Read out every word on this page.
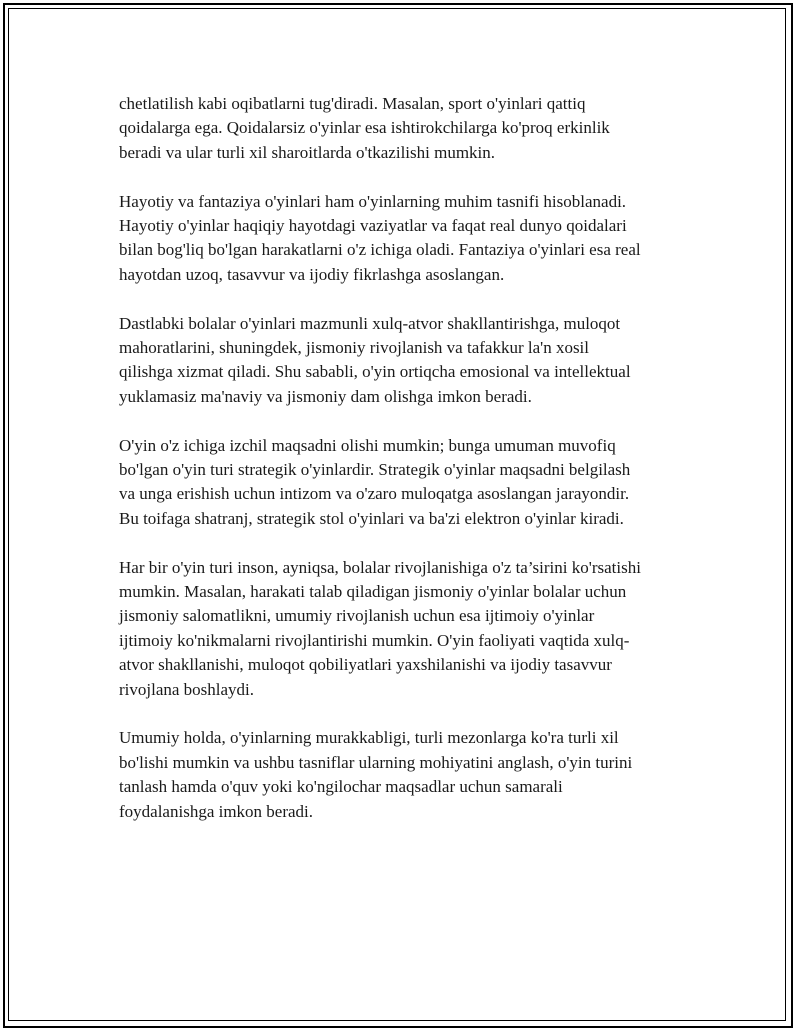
chetlatilish kabi oqibatlarni tug'diradi. Masalan, sport o'yinlari qattiq
qoidalarga ega. Qoidalarsiz o'yinlar esa ishtirokchilarga ko'proq erkinlik
beradi va ular turli xil sharoitlarda o'tkazilishi mumkin.

Hayotiy va fantaziya o'yinlari ham o'yinlarning muhim tasnifi hisoblanadi.
Hayotiy o'yinlar haqiqiy hayotdagi vaziyatlar va faqat real dunyo qoidalari
bilan bog'liq bo'lgan harakatlarni o'z ichiga oladi. Fantaziya o'yinlari esa real
hayotdan uzoq, tasavvur va ijodiy fikrlashga asoslangan.

Dastlabki bolalar o'yinlari mazmunli xulq-atvor shakllantirishga, muloqot
mahoratlarini, shuningdek, jismoniy rivojlanish va tafakkur la'n xosil
qilishga xizmat qiladi. Shu sababli, o'yin ortiqcha emosional va intellektual
yuklamasiz ma'naviy va jismoniy dam olishga imkon beradi.

O'yin o'z ichiga izchil maqsadni olishi mumkin; bunga umuman muvofiq
bo'lgan o'yin turi strategik o'yinlardir. Strategik o'yinlar maqsadni belgilash
va unga erishish uchun intizom va o'zaro muloqatga asoslangan jarayondir.
Bu toifaga shatranj, strategik stol o'yinlari va ba'zi elektron o'yinlar kiradi.

Har bir o'yin turi inson, ayniqsa, bolalar rivojlanishiga o'z ta’sirini ko'rsatishi
mumkin. Masalan, harakati talab qiladigan jismoniy o'yinlar bolalar uchun
jismoniy salomatlikni, umumiy rivojlanish uchun esa ijtimoiy o'yinlar
ijtimoiy ko'nikmalarni rivojlantirishi mumkin. O'yin faoliyati vaqtida xulq-
atvor shakllanishi, muloqot qobiliyatlari yaxshilanishi va ijodiy tasavvur
rivojlana boshlaydi.

Umumiy holda, o'yinlarning murakkabligi, turli mezonlarga ko'ra turli xil
bo'lishi mumkin va ushbu tasniflar ularning mohiyatini anglash, o'yin turini
tanlash hamda o'quv yoki ko'ngilochar maqsadlar uchun samarali
foydalanishga imkon beradi.
